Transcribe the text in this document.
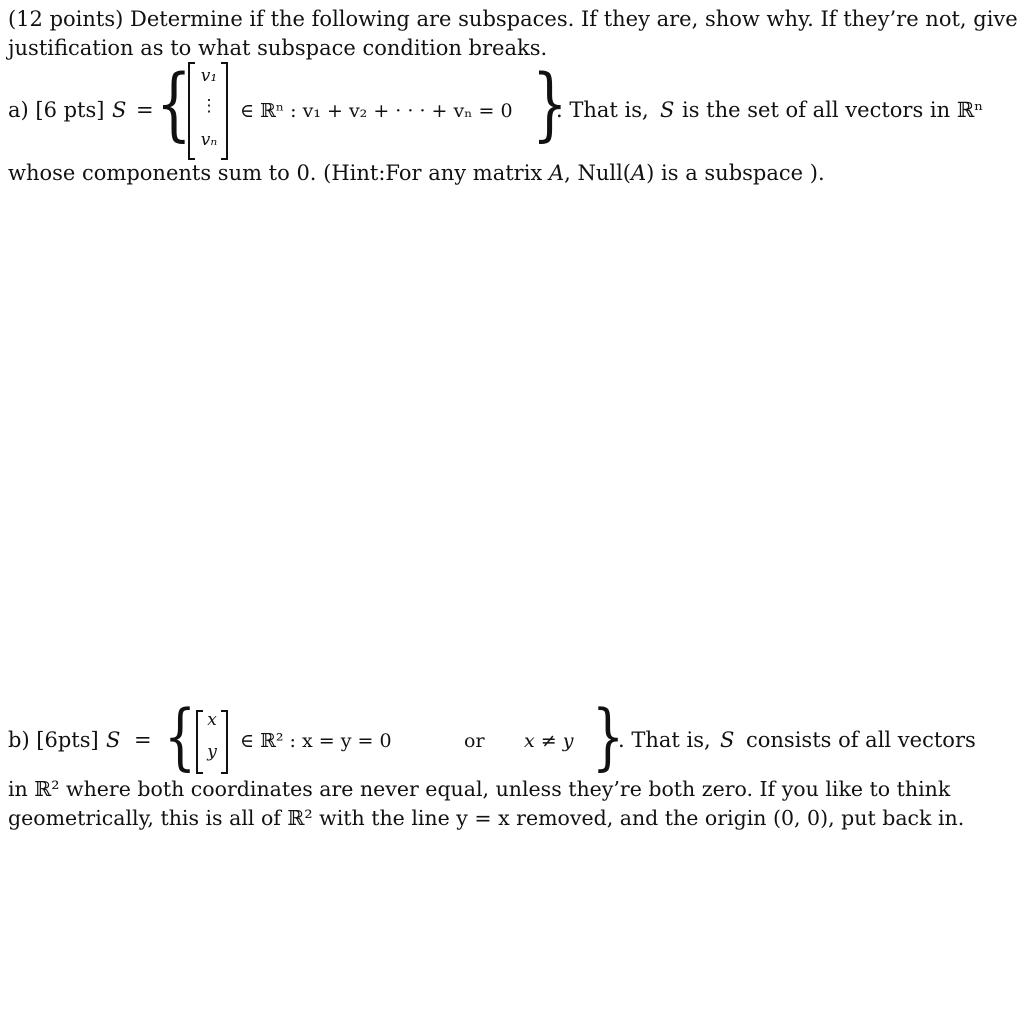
(12 points) Determine if the following are subspaces. If they are, show why. If they’re not, give
justification as to what subspace condition breaks.
a) [6 pts] S = { v₁
⋮
vₙ
∈ ℝⁿ : v₁ + v₂ + · · · + vₙ = 0 }
. That is, S is the set of all vectors in ℝⁿ
whose components sum to 0. (Hint:For any matrix A, Null(A) is a subspace ).
b) [6pts] S = { x
y	∈ ℝ² : x = y = 0	or x ≠ y }
. That is, S consists of all vectors
in ℝ² where both coordinates are never equal, unless they’re both zero. If you like to think
geometrically, this is all of ℝ² with the line y = x removed, and the origin (0, 0), put back in.
